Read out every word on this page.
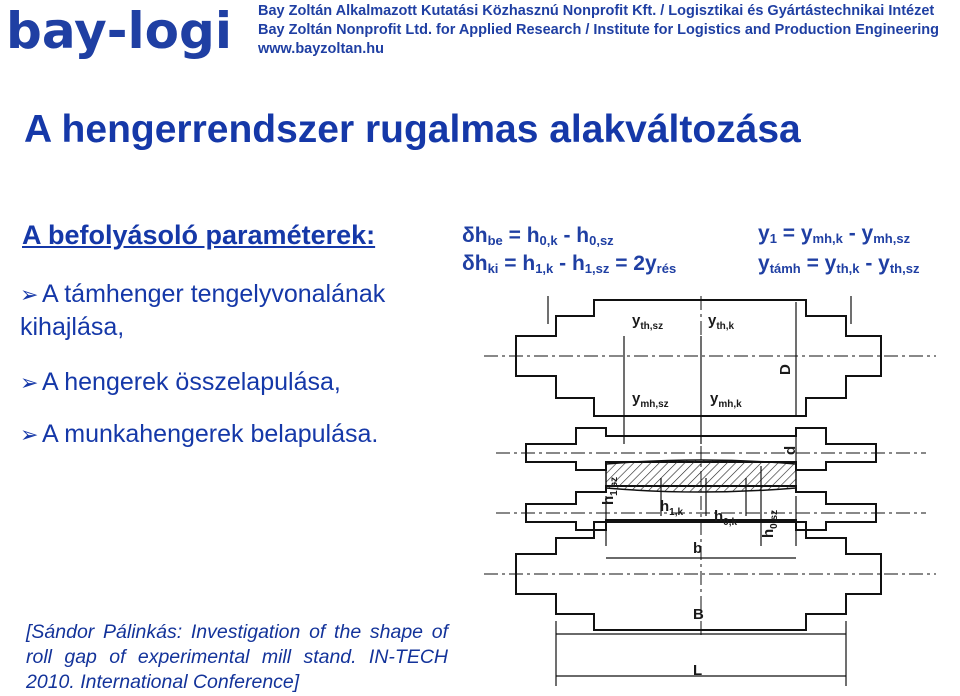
bay-logi Bay Zoltán Alkalmazott Kutatási Közhasznú Nonprofit Kft. / Logisztikai és Gyártástechnikai Intézet
Bay Zoltán Nonprofit Ltd. for Applied Research / Institute for Logistics and Production Engineering
www.bayzoltan.hu
A hengerrendszer rugalmas alakváltozása
A befolyásoló paraméterek:
➢ A támhenger tengelyvonalának kihajlása,
➢ A hengerek összelapulása,
➢ A munkahengerek belapulása.
[Sándor Pálinkás: Investigation of the shape of roll gap of experimental mill stand. IN-TECH 2010. International Conference]
$\delta h_{be} = h_{0,k} - h_{0,sz}$
$\delta h_{ki} = h_{1,k} - h_{1,sz} = 2y_{rés}$
$y_1 = y_{mh,k} - y_{mh,sz}$
$y_{támh} = y_{th,k} - y_{th,sz}$
$y_{th,sz}$	$y_{th,k}$
$y_{mh,sz}$	$y_{mh,k}$
$h_{1,sz}$
$h_{1,k}$ $h_{0,k}$
$h_{0,sz}$
D
d
b
B
L
